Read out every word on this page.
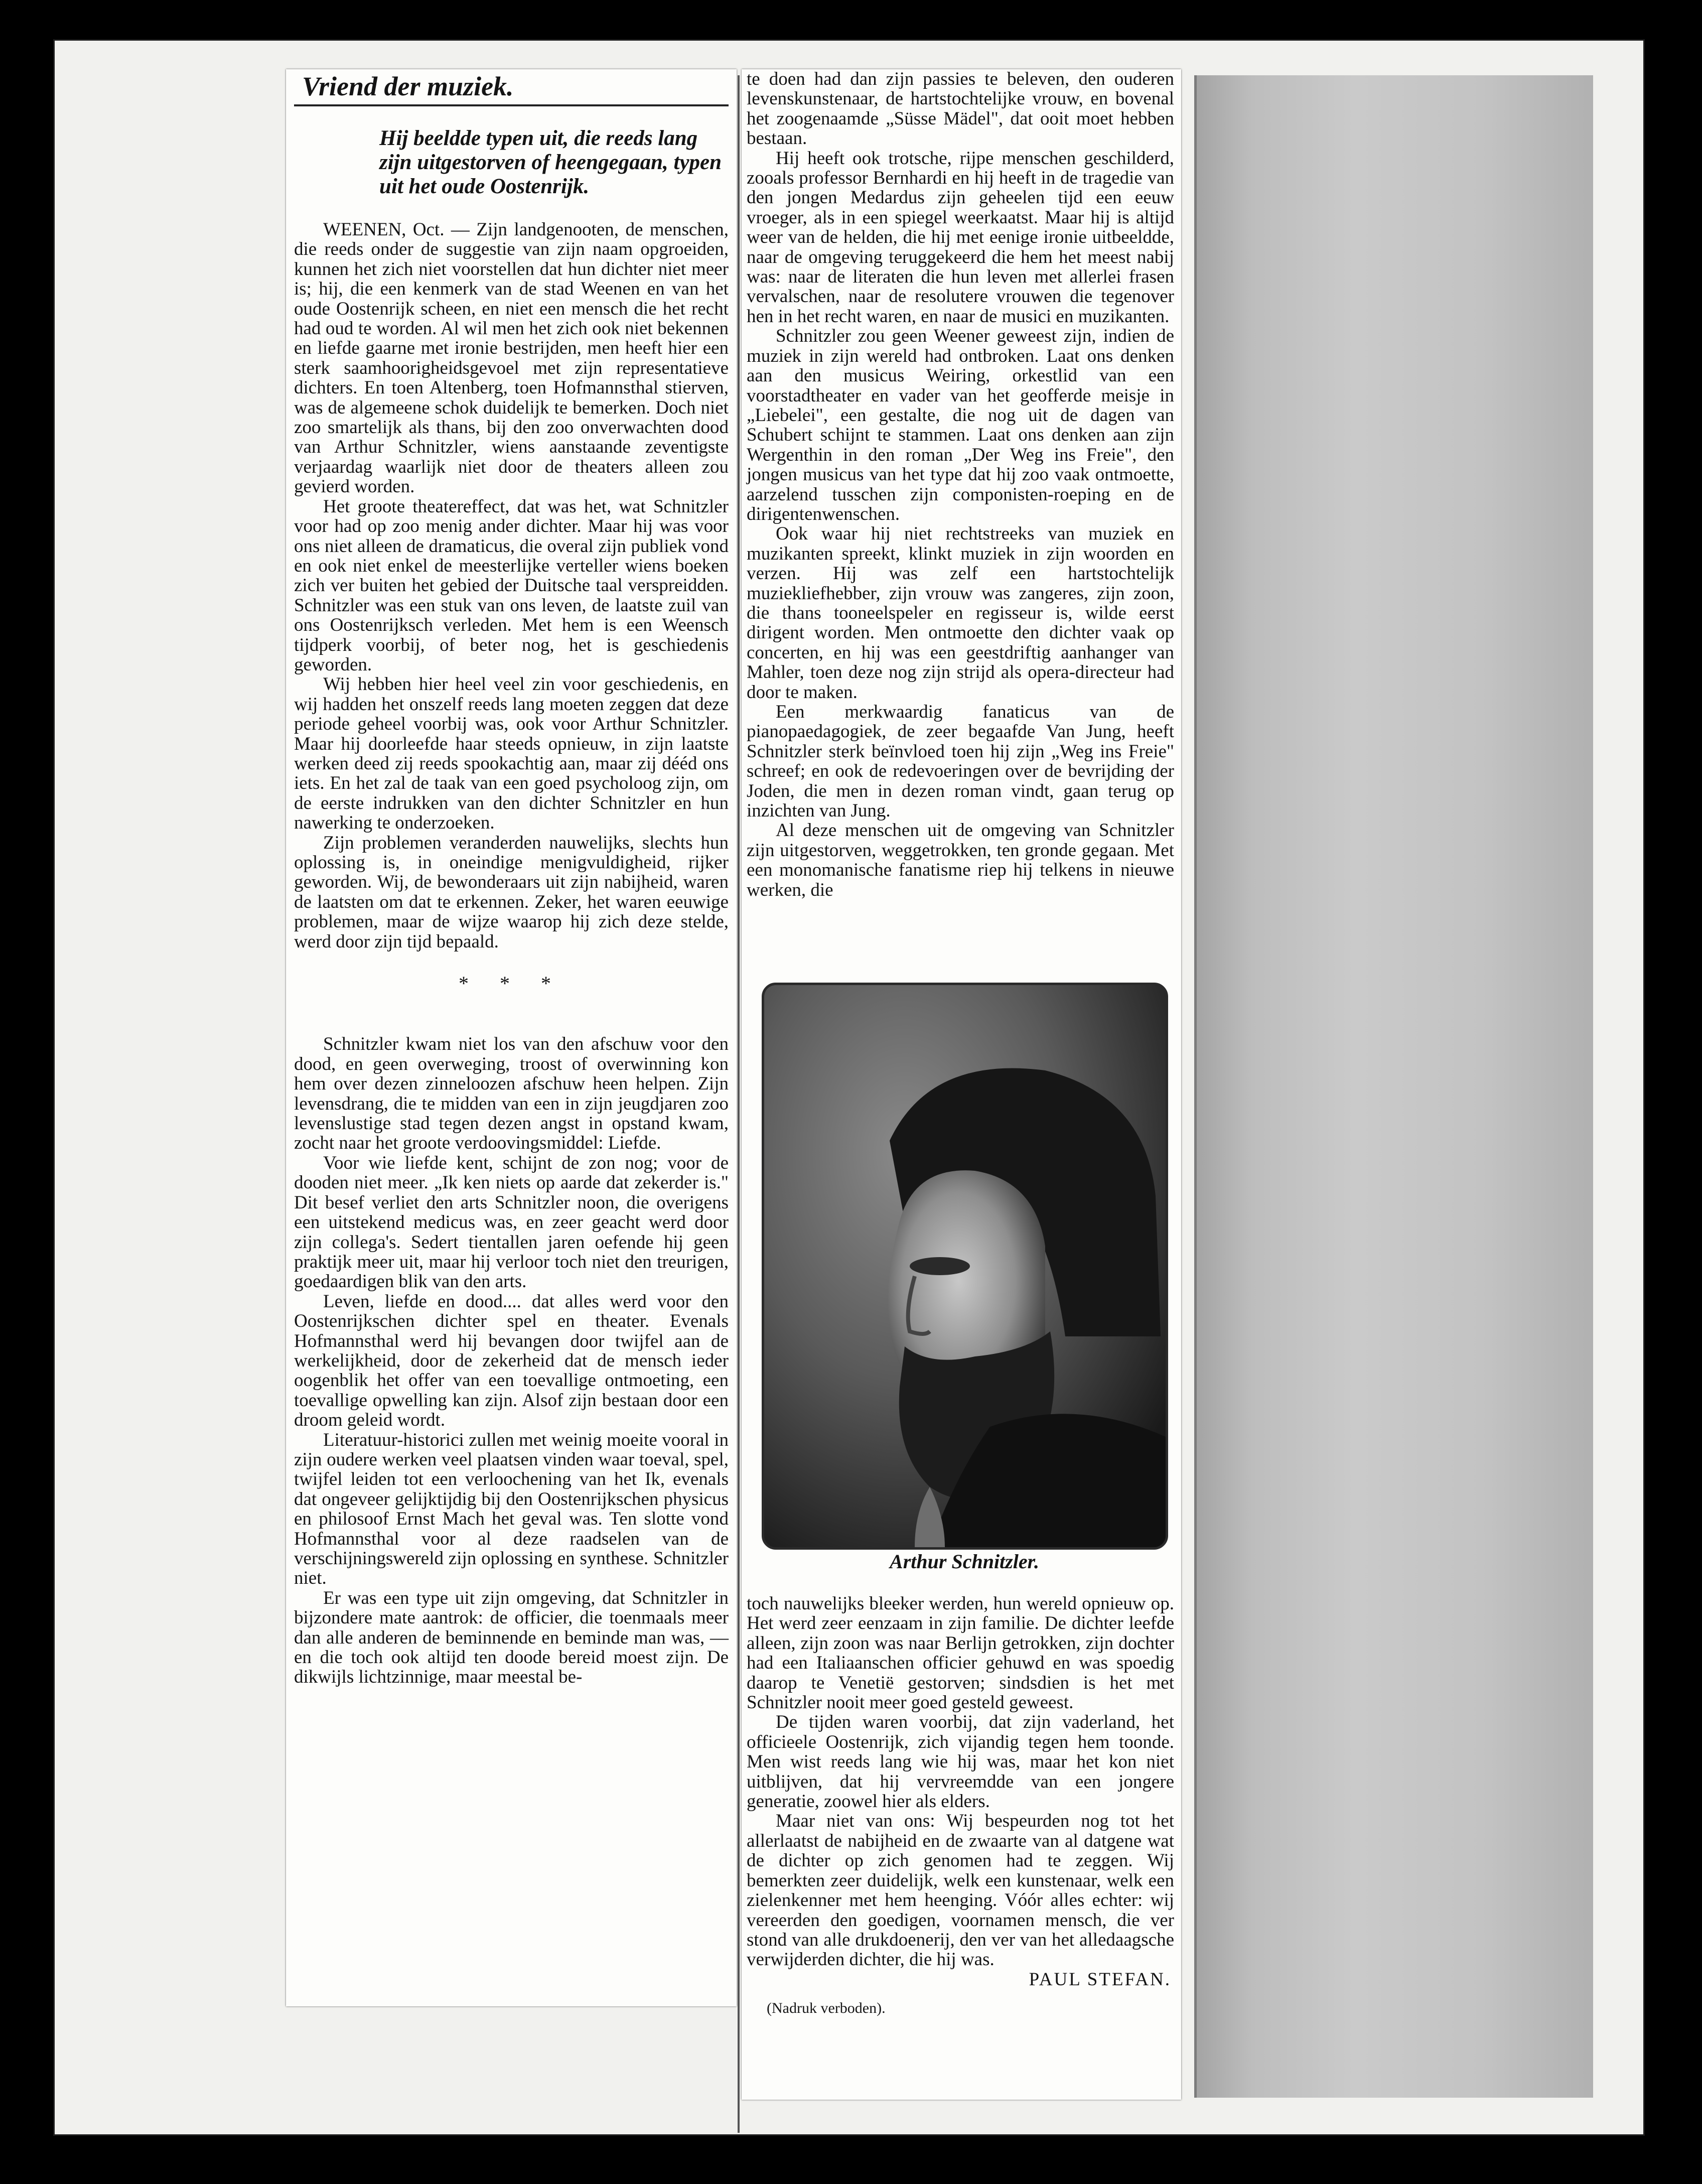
Vriend der muziek.
Hij beeldde typen uit, die reeds lang zijn uitgestorven of heengegaan, typen uit het oude Oostenrijk.

WEENEN, Oct. — Zijn landgenooten, de menschen, die reeds onder de suggestie van zijn naam opgroeiden, kunnen het zich niet voorstellen dat hun dichter niet meer is; hij, die een kenmerk van de stad Weenen en van het oude Oostenrijk scheen, en niet een mensch die het recht had oud te worden. Al wil men het zich ook niet bekennen en liefde gaarne met ironie bestrijden, men heeft hier een sterk saamhoorigheidsgevoel met zijn representatieve dichters. En toen Altenberg, toen Hofmannsthal stierven, was de algemeene schok duidelijk te bemerken. Doch niet zoo smartelijk als thans, bij den zoo onverwachten dood van Arthur Schnitzler, wiens aanstaande zeventigste verjaardag waarlijk niet door de theaters alleen zou gevierd worden.

Het groote theatereffect, dat was het, wat Schnitzler voor had op zoo menig ander dichter. Maar hij was voor ons niet alleen de dramaticus, die overal zijn publiek vond en ook niet enkel de meesterlijke verteller wiens boeken zich ver buiten het gebied der Duitsche taal verspreidden. Schnitzler was een stuk van ons leven, de laatste zuil van ons Oostenrijksch verleden. Met hem is een Weensch tijdperk voorbij, of beter nog, het is geschiedenis geworden.

Wij hebben hier heel veel zin voor geschiedenis, en wij hadden het onszelf reeds lang moeten zeggen dat deze periode geheel voorbij was, ook voor Arthur Schnitzler. Maar hij doorleefde haar steeds opnieuw, in zijn laatste werken deed zij reeds spookachtig aan, maar zij dééd ons iets. En het zal de taak van een goed psycholoog zijn, om de eerste indrukken van den dichter Schnitzler en hun nawerking te onderzoeken.

Zijn problemen veranderden nauwelijks, slechts hun oplossing is, in oneindige menigvuldigheid, rijker geworden. Wij, de bewonderaars uit zijn nabijheid, waren de laatsten om dat te erkennen. Zeker, het waren eeuwige problemen, maar de wijze waarop hij zich deze stelde, werd door zijn tijd bepaald.

* * *

Schnitzler kwam niet los van den afschuw voor den dood, en geen overweging, troost of overwinning kon hem over dezen zinneloozen afschuw heen helpen. Zijn levensdrang, die te midden van een in zijn jeugdjaren zoo levenslustige stad tegen dezen angst in opstand kwam, zocht naar het groote verdoovingsmiddel: Liefde.

Voor wie liefde kent, schijnt de zon nog; voor de dooden niet meer. „Ik ken niets op aarde dat zekerder is." Dit besef verliet den arts Schnitzler noon, die overigens een uitstekend medicus was, en zeer geacht werd door zijn collega's. Sedert tientallen jaren oefende hij geen praktijk meer uit, maar hij verloor toch niet den treurigen, goedaardigen blik van den arts.

Leven, liefde en dood.... dat alles werd voor den Oostenrijkschen dichter spel en theater. Evenals Hofmannsthal werd hij bevangen door twijfel aan de werkelijkheid, door de zekerheid dat de mensch ieder oogenblik het offer van een toevallige ontmoeting, een toevallige opwelling kan zijn. Alsof zijn bestaan door een droom geleid wordt.

Literatuur-historici zullen met weinig moeite vooral in zijn oudere werken veel plaatsen vinden waar toeval, spel, twijfel leiden tot een verloochening van het Ik, evenals dat ongeveer gelijktijdig bij den Oostenrijkschen physicus en philosoof Ernst Mach het geval was. Ten slotte vond Hofmannsthal voor al deze raadselen van de verschijningswereld zijn oplossing en synthese. Schnitzler niet.

Er was een type uit zijn omgeving, dat Schnitzler in bijzondere mate aantrok: de officier, die toenmaals meer dan alle anderen de beminnende en beminde man was, — en die toch ook altijd ten doode bereid moest zijn. De dikwijls lichtzinnige, maar meestal be-

te doen had dan zijn passies te beleven, den ouderen levenskunstenaar, de hartstochtelijke vrouw, en bovenal het zoogenaamde „Süsse Mädel", dat ooit moet hebben bestaan.

Hij heeft ook trotsche, rijpe menschen geschilderd, zooals professor Bernhardi en hij heeft in de tragedie van den jongen Medardus zijn geheelen tijd een eeuw vroeger, als in een spiegel weerkaatst. Maar hij is altijd weer van de helden, die hij met eenige ironie uitbeeldde, naar de omgeving teruggekeerd die hem het meest nabij was: naar de literaten die hun leven met allerlei frasen vervalschen, naar de resolutere vrouwen die tegenover hen in het recht waren, en naar de musici en muzikanten.

Schnitzler zou geen Weener geweest zijn, indien de muziek in zijn wereld had ontbroken. Laat ons denken aan den musicus Weiring, orkestlid van een voorstadtheater en vader van het geofferde meisje in „Liebelei", een gestalte, die nog uit de dagen van Schubert schijnt te stammen. Laat ons denken aan zijn Wergenthin in den roman „Der Weg ins Freie", den jongen musicus van het type dat hij zoo vaak ontmoette, aarzelend tusschen zijn componisten-roeping en de dirigentenwenschen.

Ook waar hij niet rechtstreeks van muziek en muzikanten spreekt, klinkt muziek in zijn woorden en verzen. Hij was zelf een hartstochtelijk muziekliefhebber, zijn vrouw was zangeres, zijn zoon, die thans tooneelspeler en regisseur is, wilde eerst dirigent worden. Men ontmoette den dichter vaak op concerten, en hij was een geestdriftig aanhanger van Mahler, toen deze nog zijn strijd als opera-directeur had door te maken.

Een merkwaardig fanaticus van de pianopaedagogiek, de zeer begaafde Van Jung, heeft Schnitzler sterk beïnvloed toen hij zijn „Weg ins Freie" schreef; en ook de redevoeringen over de bevrijding der Joden, die men in dezen roman vindt, gaan terug op inzichten van Jung.

Al deze menschen uit de omgeving van Schnitzler zijn uitgestorven, weggetrokken, ten gronde gegaan. Met een monomanische fanatisme riep hij telkens in nieuwe werken, die

Arthur Schnitzler.

toch nauwelijks bleeker werden, hun wereld opnieuw op. Het werd zeer eenzaam in zijn familie. De dichter leefde alleen, zijn zoon was naar Berlijn getrokken, zijn dochter had een Italiaanschen officier gehuwd en was spoedig daarop te Venetië gestorven; sindsdien is het met Schnitzler nooit meer goed gesteld geweest.

De tijden waren voorbij, dat zijn vaderland, het officieele Oostenrijk, zich vijandig tegen hem toonde. Men wist reeds lang wie hij was, maar het kon niet uitblijven, dat hij vervreemdde van een jongere generatie, zoowel hier als elders.

Maar niet van ons: Wij bespeurden nog tot het allerlaatst de nabijheid en de zwaarte van al datgene wat de dichter op zich genomen had te zeggen. Wij bemerkten zeer duidelijk, welk een kunstenaar, welk een zielenkenner met hem heenging. Vóór alles echter: wij vereerden den goedigen, voornamen mensch, die ver stond van alle drukdoenerij, den ver van het alledaagsche verwijderden dichter, die hij was.

PAUL STEFAN.
(Nadruk verboden).
